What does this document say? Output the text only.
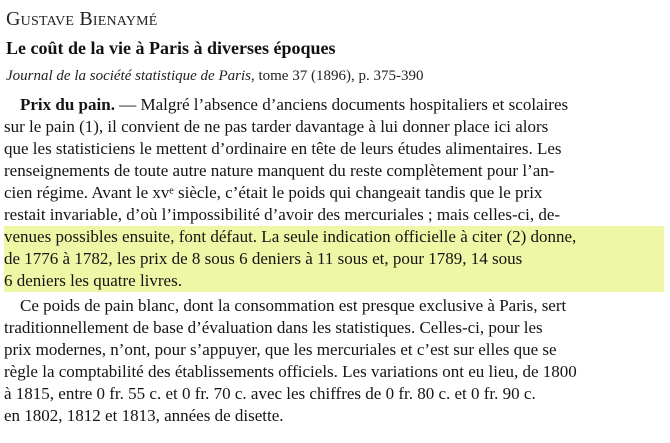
Gustave Bienaymé
Le coût de la vie à Paris à diverses époques
Journal de la société statistique de Paris, tome 37 (1896), p. 375-390
Prix du pain. — Malgré l’absence d’anciens documents hospitaliers et scolaires
sur le pain (1), il convient de ne pas tarder davantage à lui donner place ici alors
que les statisticiens le mettent d’ordinaire en tête de leurs études alimentaires. Les
renseignements de toute autre nature manquent du reste complètement pour l’an-
cien régime. Avant le xvᵉ siècle, c’était le poids qui changeait tandis que le prix
restait invariable, d’où l’impossibilité d’avoir des mercuriales ; mais celles-ci, de-
venues possibles ensuite, font défaut. La seule indication officielle à citer (2) donne,
de 1776 à 1782, les prix de 8 sous 6 deniers à 11 sous et, pour 1789, 14 sous
6 deniers les quatre livres.
Ce poids de pain blanc, dont la consommation est presque exclusive à Paris, sert
traditionnellement de base d’évaluation dans les statistiques. Celles-ci, pour les
prix modernes, n’ont, pour s’appuyer, que les mercuriales et c’est sur elles que se
règle la comptabilité des établissements officiels. Les variations ont eu lieu, de 1800
à 1815, entre 0 fr. 55 c. et 0 fr. 70 c. avec les chiffres de 0 fr. 80 c. et 0 fr. 90 c.
en 1802, 1812 et 1813, années de disette.
